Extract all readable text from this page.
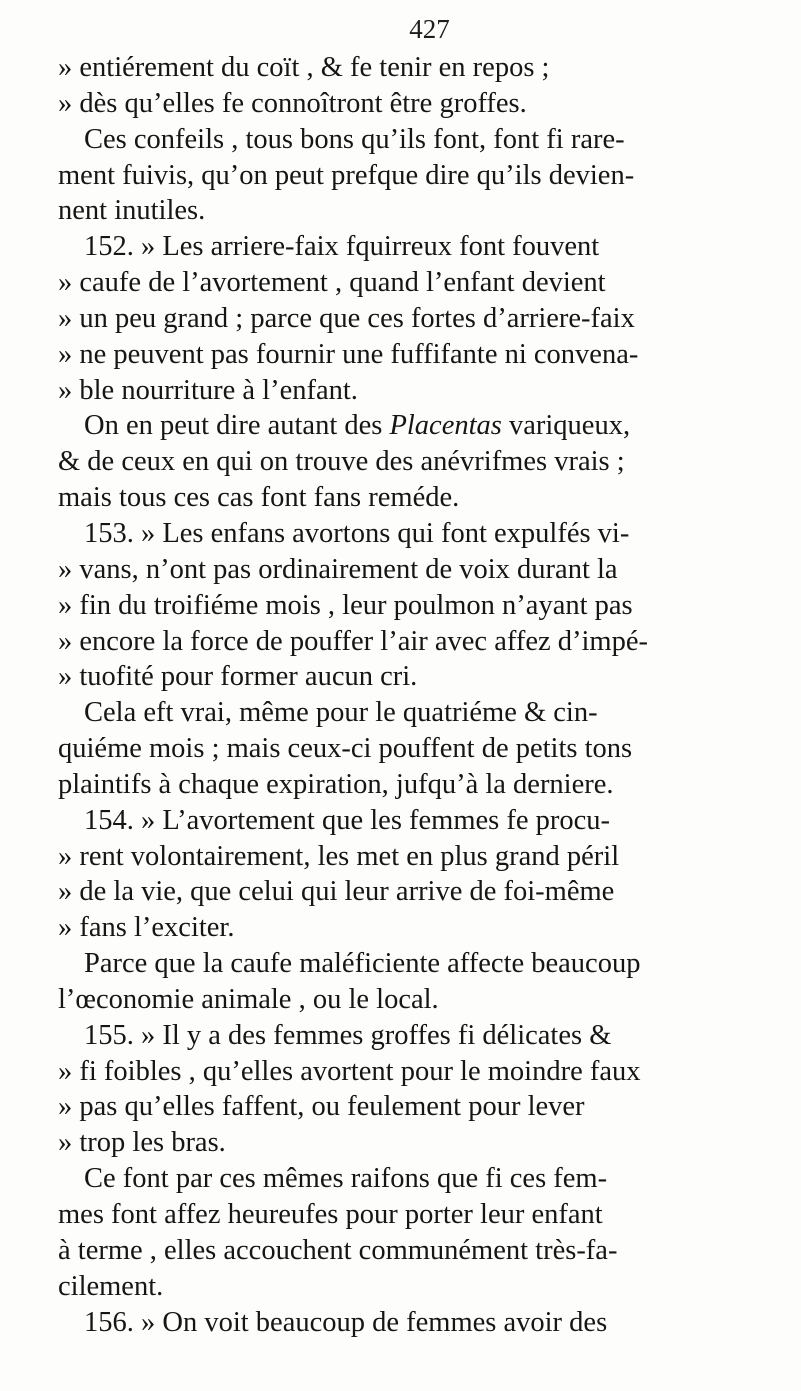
427
» entiérement du coït , & fe tenir en repos ;
» dès qu’elles fe connoîtront être groffes.
Ces confeils , tous bons qu’ils font, font fi rare-
ment fuivis, qu’on peut prefque dire qu’ils devien-
nent inutiles.
152. » Les arriere-faix fquirreux font fouvent
» caufe de l’avortement , quand l’enfant devient
» un peu grand ; parce que ces fortes d’arriere-faix
» ne peuvent pas fournir une fuffifante ni convena-
» ble nourriture à l’enfant.
On en peut dire autant des Placentas variqueux,
& de ceux en qui on trouve des anévrifmes vrais ;
mais tous ces cas font fans reméde.
153. » Les enfans avortons qui font expulfés vi-
» vans, n’ont pas ordinairement de voix durant la
» fin du troifiéme mois , leur poulmon n’ayant pas
» encore la force de pouffer l’air avec affez d’impé-
» tuofité pour former aucun cri.
Cela eft vrai, même pour le quatriéme & cin-
quiéme mois ; mais ceux-ci pouffent de petits tons
plaintifs à chaque expiration, jufqu’à la derniere.
154. » L’avortement que les femmes fe procu-
» rent volontairement, les met en plus grand péril
» de la vie, que celui qui leur arrive de foi-même
» fans l’exciter.
Parce que la caufe maléficiente affecte beaucoup
l’œconomie animale , ou le local.
155. » Il y a des femmes groffes fi délicates &
» fi foibles , qu’elles avortent pour le moindre faux
» pas qu’elles faffent, ou feulement pour lever
» trop les bras.
Ce font par ces mêmes raifons que fi ces fem-
mes font affez heureufes pour porter leur enfant
à terme , elles accouchent communément très-fa-
cilement.
156. » On voit beaucoup de femmes avoir des
